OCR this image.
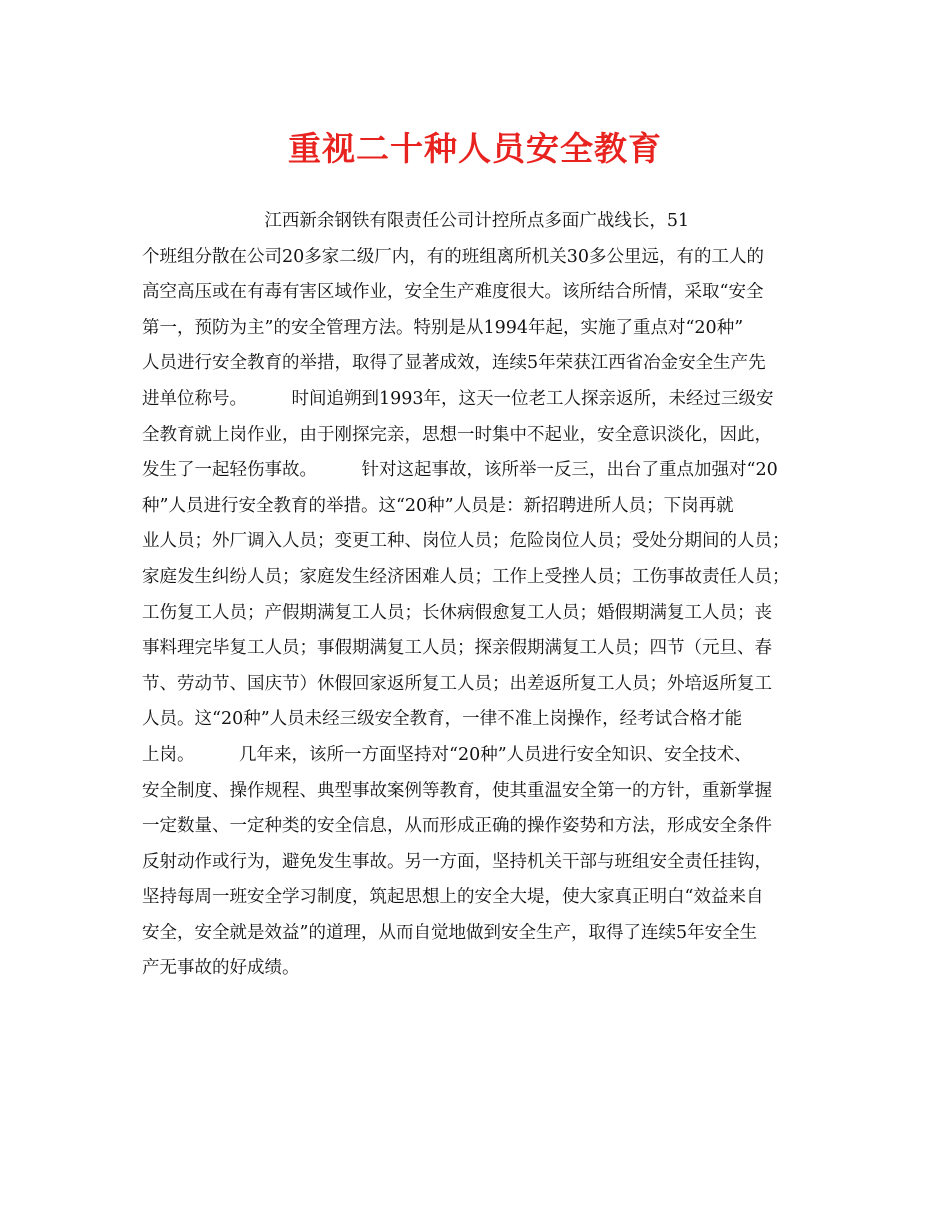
重视二十种人员安全教育
江西新余钢铁有限责任公司计控所点多面广战线长，51
个班组分散在公司20多家二级厂内，有的班组离所机关30多公里远，有的工人的
高空高压或在有毒有害区域作业，安全生产难度很大。该所结合所情，采取“安全
第一，预防为主”的安全管理方法。特别是从1994年起，实施了重点对“20种”
人员进行安全教育的举措，取得了显著成效，连续5年荣获江西省冶金安全生产先
进单位称号。        时间追朔到1993年，这天一位老工人探亲返所，未经过三级安
全教育就上岗作业，由于刚探完亲，思想一时集中不起业，安全意识淡化，因此，
发生了一起轻伤事故。        针对这起事故，该所举一反三，出台了重点加强对“20
种”人员进行安全教育的举措。这“20种”人员是：新招聘进所人员；下岗再就
业人员；外厂调入人员；变更工种、岗位人员；危险岗位人员；受处分期间的人员；
家庭发生纠纷人员；家庭发生经济困难人员；工作上受挫人员；工伤事故责任人员；
工伤复工人员；产假期满复工人员；长休病假愈复工人员；婚假期满复工人员；丧
事料理完毕复工人员；事假期满复工人员；探亲假期满复工人员；四节（元旦、春
节、劳动节、国庆节）休假回家返所复工人员；出差返所复工人员；外培返所复工
人员。这“20种”人员未经三级安全教育，一律不准上岗操作，经考试合格才能
上岗。        几年来，该所一方面坚持对“20种”人员进行安全知识、安全技术、
安全制度、操作规程、典型事故案例等教育，使其重温安全第一的方针，重新掌握
一定数量、一定种类的安全信息，从而形成正确的操作姿势和方法，形成安全条件
反射动作或行为，避免发生事故。另一方面，坚持机关干部与班组安全责任挂钩，
坚持每周一班安全学习制度，筑起思想上的安全大堤，使大家真正明白“效益来自
安全，安全就是效益”的道理，从而自觉地做到安全生产，取得了连续5年安全生
产无事故的好成绩。
